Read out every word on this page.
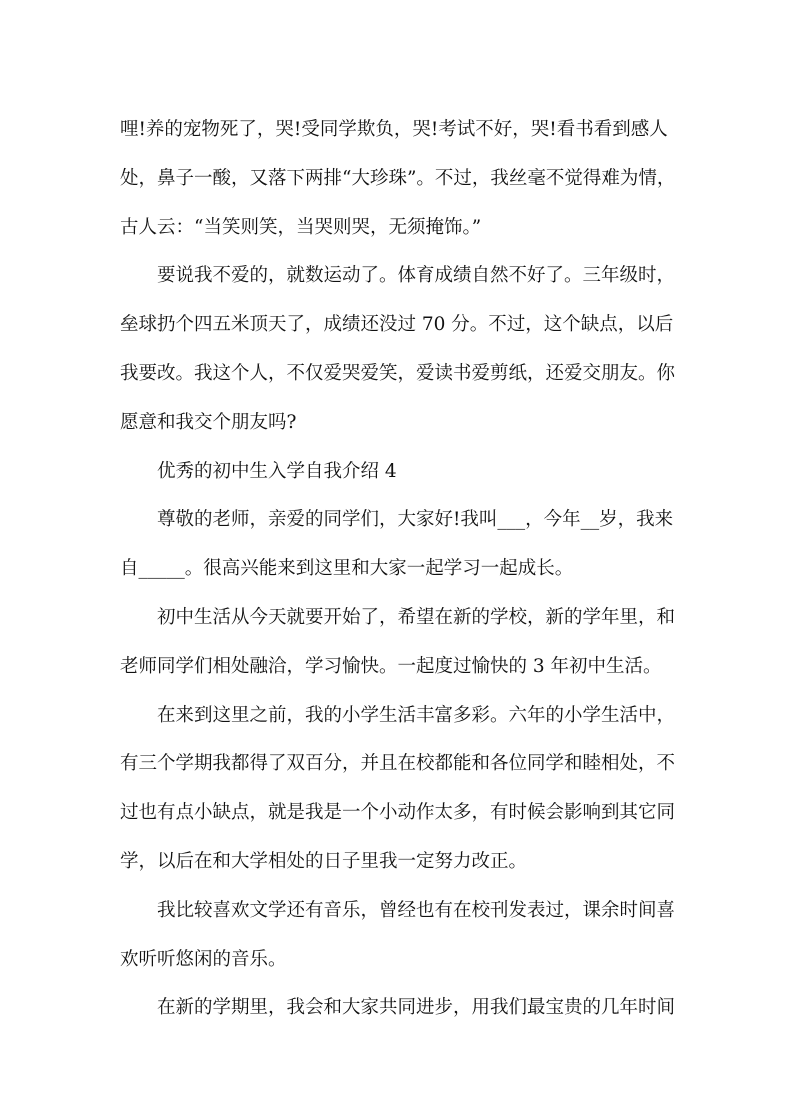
哩!养的宠物死了，哭!受同学欺负，哭!考试不好，哭!看书看到感人
处，鼻子一酸，又落下两排“大珍珠”。不过，我丝毫不觉得难为情，
古人云：“当笑则笑，当哭则哭，无须掩饰。”
要说我不爱的，就数运动了。体育成绩自然不好了。三年级时，
垒球扔个四五米顶天了，成绩还没过 70 分。不过，这个缺点，以后
我要改。我这个人，不仅爱哭爱笑，爱读书爱剪纸，还爱交朋友。你
愿意和我交个朋友吗?
优秀的初中生入学自我介绍 4
尊敬的老师，亲爱的同学们，大家好!我叫___，今年__岁，我来
自_____。很高兴能来到这里和大家一起学习一起成长。
初中生活从今天就要开始了，希望在新的学校，新的学年里，和
老师同学们相处融洽，学习愉快。一起度过愉快的 3 年初中生活。
在来到这里之前，我的小学生活丰富多彩。六年的小学生活中，
有三个学期我都得了双百分，并且在校都能和各位同学和睦相处，不
过也有点小缺点，就是我是一个小动作太多，有时候会影响到其它同
学，以后在和大学相处的日子里我一定努力改正。
我比较喜欢文学还有音乐，曾经也有在校刊发表过，课余时间喜
欢听听悠闲的音乐。
在新的学期里，我会和大家共同进步，用我们最宝贵的几年时间
